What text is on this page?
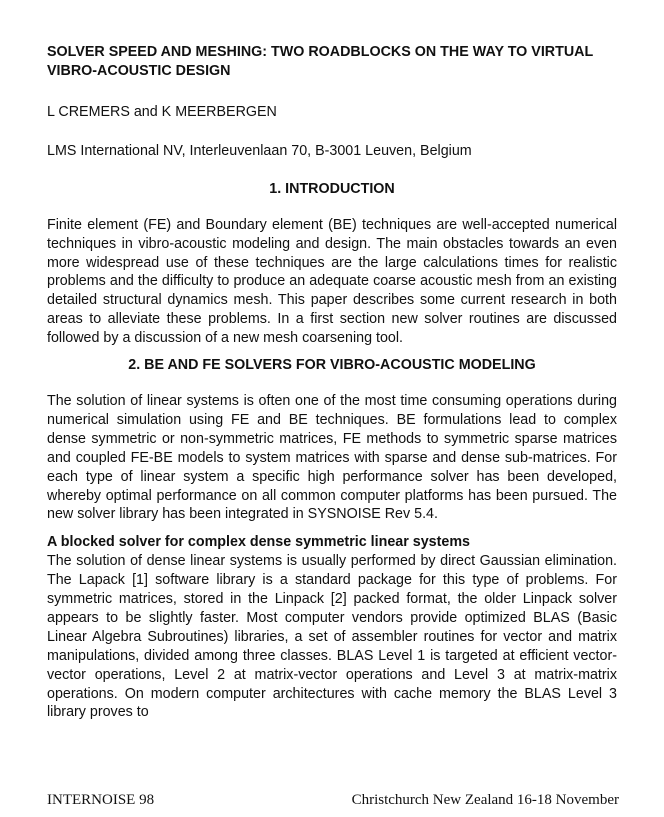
SOLVER SPEED AND MESHING: TWO ROADBLOCKS ON THE WAY TO VIRTUAL VIBRO-ACOUSTIC DESIGN

L CREMERS and K MEERBERGEN

LMS International NV, Interleuvenlaan 70, B-3001 Leuven, Belgium

1. INTRODUCTION

Finite element (FE) and Boundary element (BE) techniques are well-accepted numerical techniques in vibro-acoustic modeling and design. The main obstacles towards an even more widespread use of these techniques are the large calculations times for realistic problems and the difficulty to produce an adequate coarse acoustic mesh from an existing detailed structural dynamics mesh. This paper describes some current research in both areas to alleviate these problems. In a first section new solver routines are discussed followed by a discussion of a new mesh coarsening tool.

2. BE AND FE SOLVERS FOR VIBRO-ACOUSTIC MODELING

The solution of linear systems is often one of the most time consuming operations during numerical simulation using FE and BE techniques. BE formulations lead to complex dense symmetric or non-symmetric matrices, FE methods to symmetric sparse matrices and coupled FE-BE models to system matrices with sparse and dense sub-matrices. For each type of linear system a specific high performance solver has been developed, whereby optimal performance on all common computer platforms has been pursued. The new solver library has been integrated in SYSNOISE Rev 5.4.

A blocked solver for complex dense symmetric linear systems

The solution of dense linear systems is usually performed by direct Gaussian elimination. The Lapack [1] software library is a standard package for this type of problems. For symmetric matrices, stored in the Linpack [2] packed format, the older Linpack solver appears to be slightly faster. Most computer vendors provide optimized BLAS (Basic Linear Algebra Subroutines) libraries, a set of assembler routines for vector and matrix manipulations, divided among three classes. BLAS Level 1 is targeted at efficient vector-vector operations, Level 2 at matrix-vector operations and Level 3 at matrix-matrix operations. On modern computer architectures with cache memory the BLAS Level 3 library proves to

INTERNOISE 98	Christchurch New Zealand 16-18 November
